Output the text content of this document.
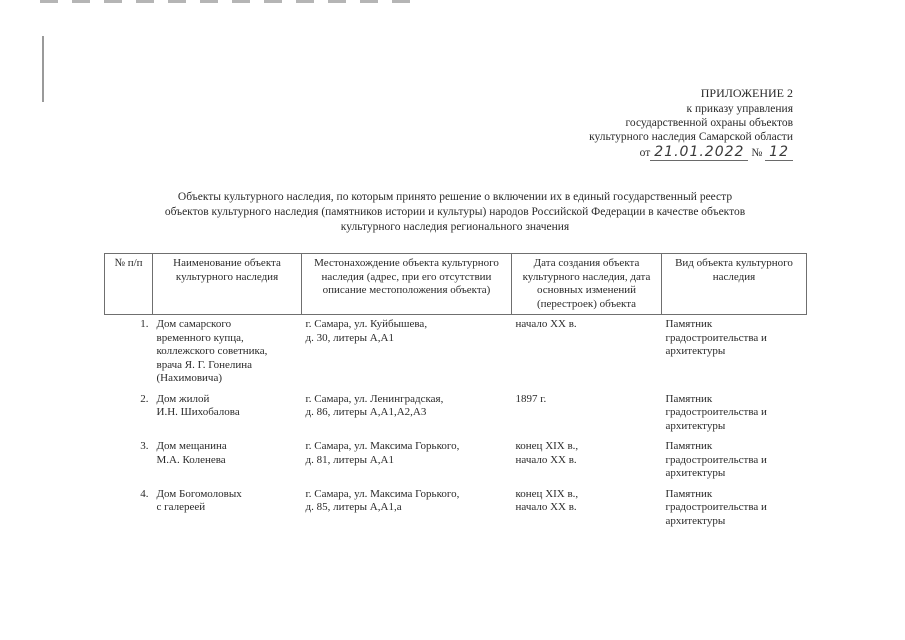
ПРИЛОЖЕНИЕ 2
к приказу управления
государственной охраны объектов
культурного наследия Самарской области
от 21.01.2022 № 12
Объекты культурного наследия, по которым принято решение о включении их в единый государственный реестр
объектов культурного наследия (памятников истории и культуры) народов Российской Федерации в качестве объектов
культурного наследия регионального значения
№ п/п	Наименование объекта культурного наследия	Местонахождение объекта культурного наследия (адрес, при его отсутствии описание местоположения объекта)	Дата создания объекта культурного наследия, дата основных изменений (перестроек) объекта	Вид объекта культурного наследия
1.	Дом самарского
временного купца,
коллежского советника,
врача Я. Г. Гонелина
(Нахимовича)	г. Самара, ул. Куйбышева,
д. 30, литеры А,А1	начало XX в.	Памятник
градостроительства и
архитектуры

2.	Дом жилой
И.Н. Шихобалова	г. Самара, ул. Ленинградская,
д. 86, литеры А,А1,А2,А3	1897 г.	Памятник
градостроительства и
архитектуры

3.	Дом мещанина
М.А. Коленева	г. Самара, ул. Максима Горького,
д. 81, литеры А,А1	конец XIX в.,
начало XX в.	Памятник
градостроительства и
архитектуры

4.	Дом Богомоловых
с галереей	г. Самара, ул. Максима Горького,
д. 85, литеры А,А1,а	конец XIX в.,
начало XX в.	Памятник
градостроительства и
архитектуры
